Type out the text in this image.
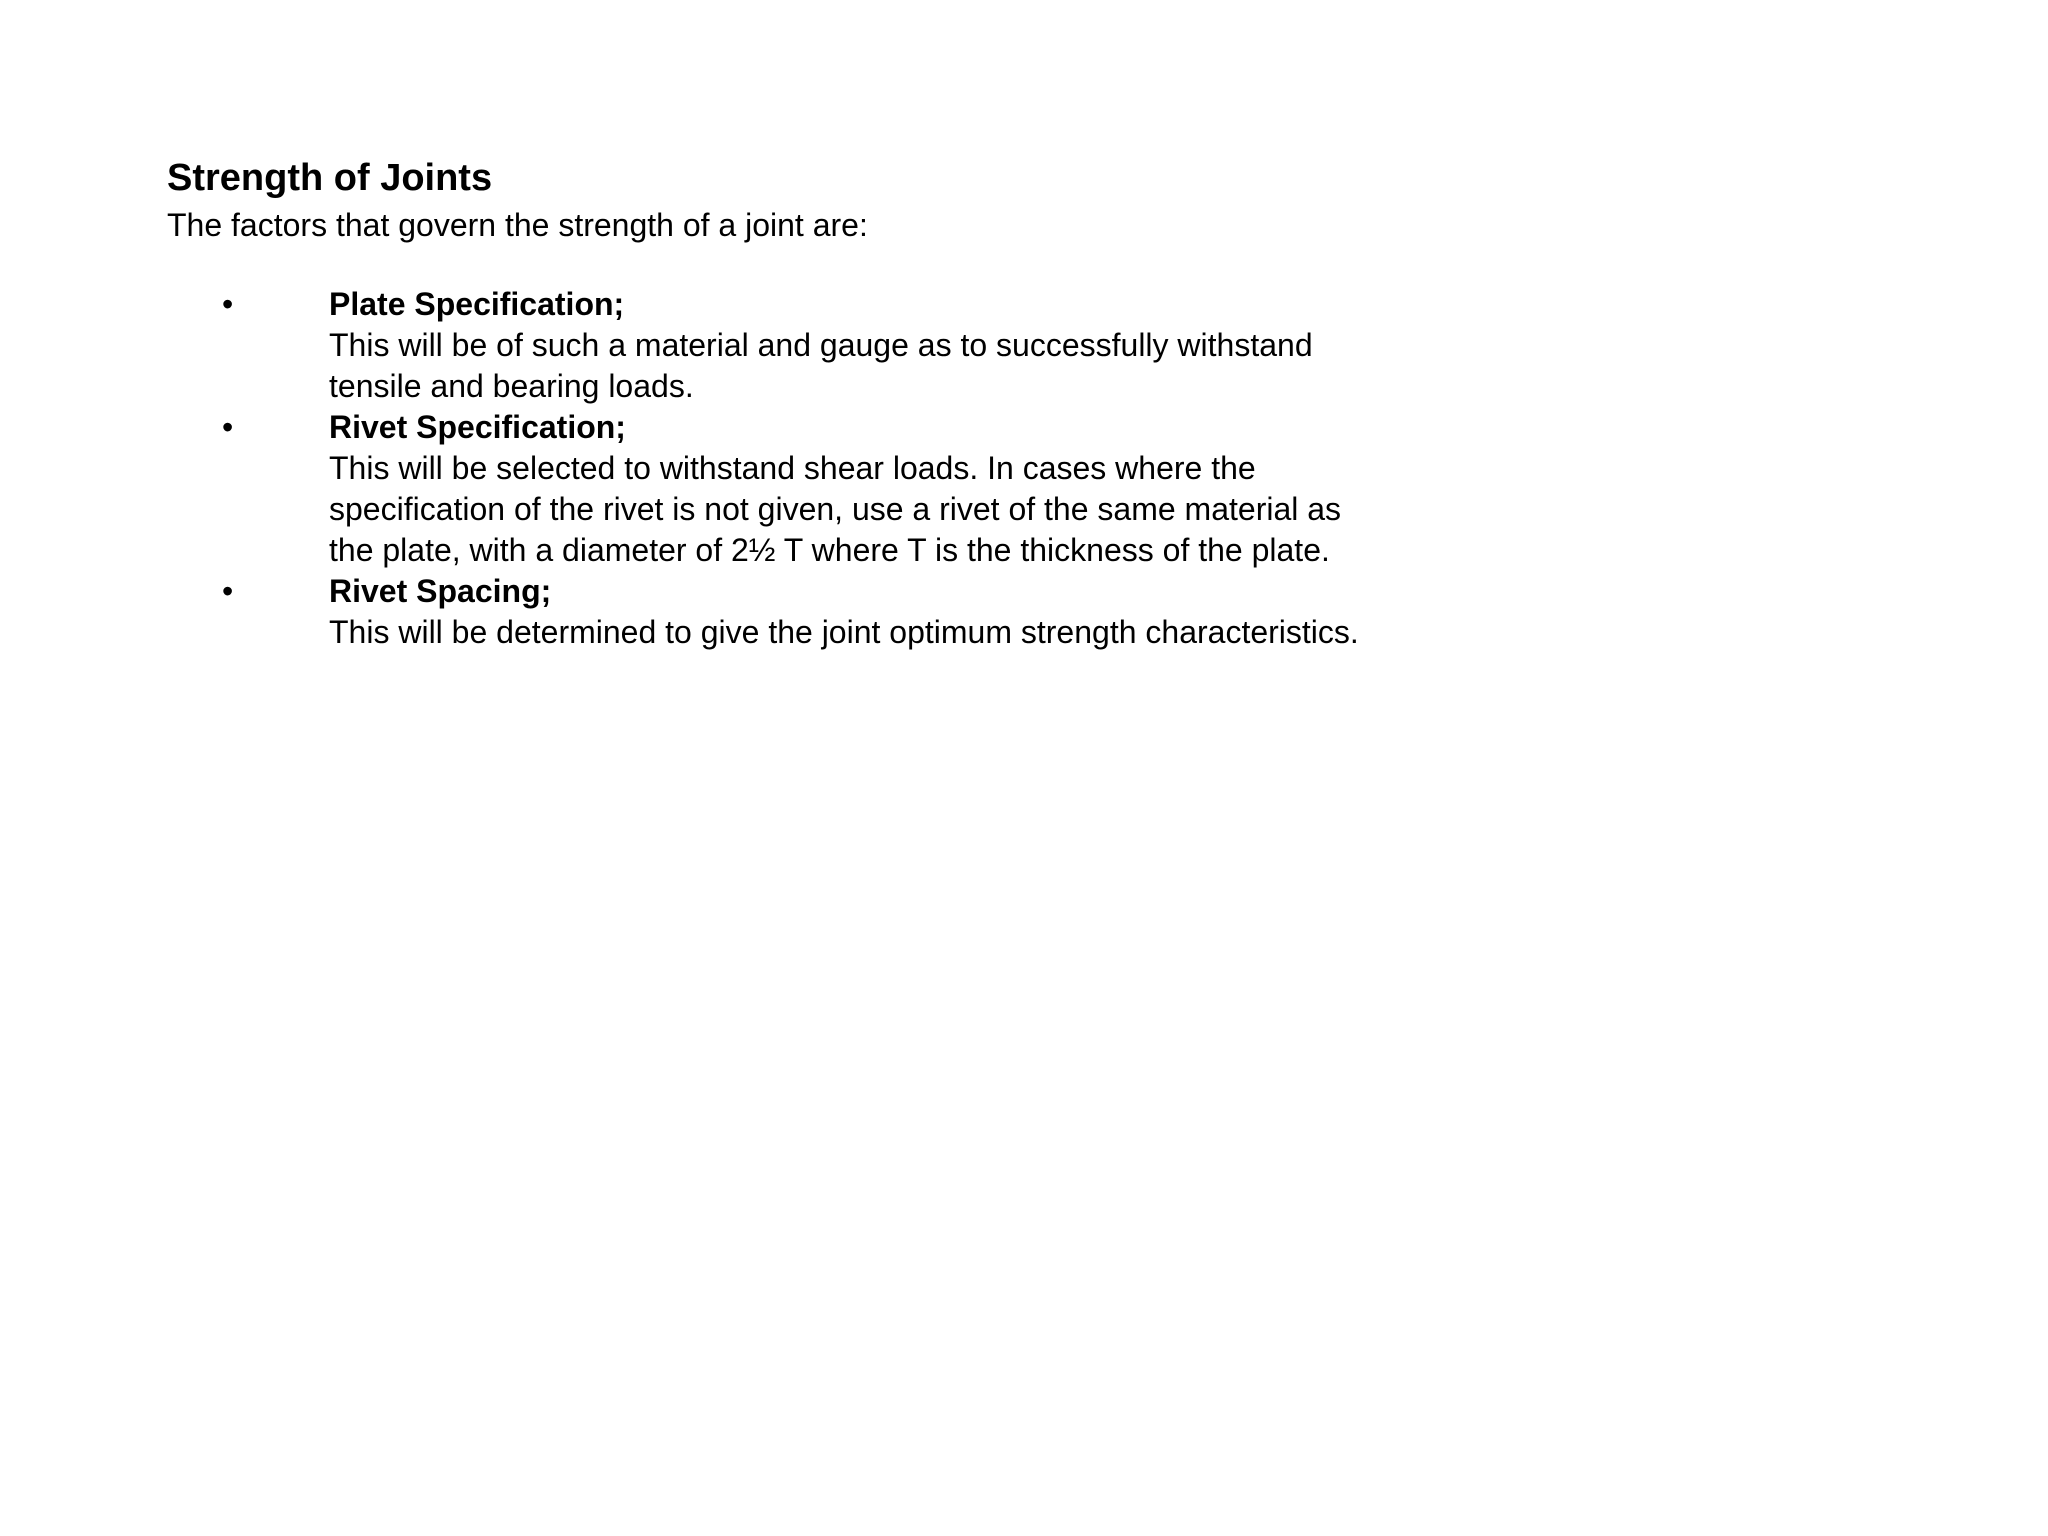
Strength of Joints

The factors that govern the strength of a joint are:

•	Plate Specification;
This will be of such a material and gauge as to successfully withstand tensile and bearing loads.
•	Rivet Specification;
This will be selected to withstand shear loads. In cases where the specification of the rivet is not given, use a rivet of the same material as the plate, with a diameter of 2½ T where T is the thickness of the plate.
•	Rivet Spacing;
This will be determined to give the joint optimum strength characteristics.
